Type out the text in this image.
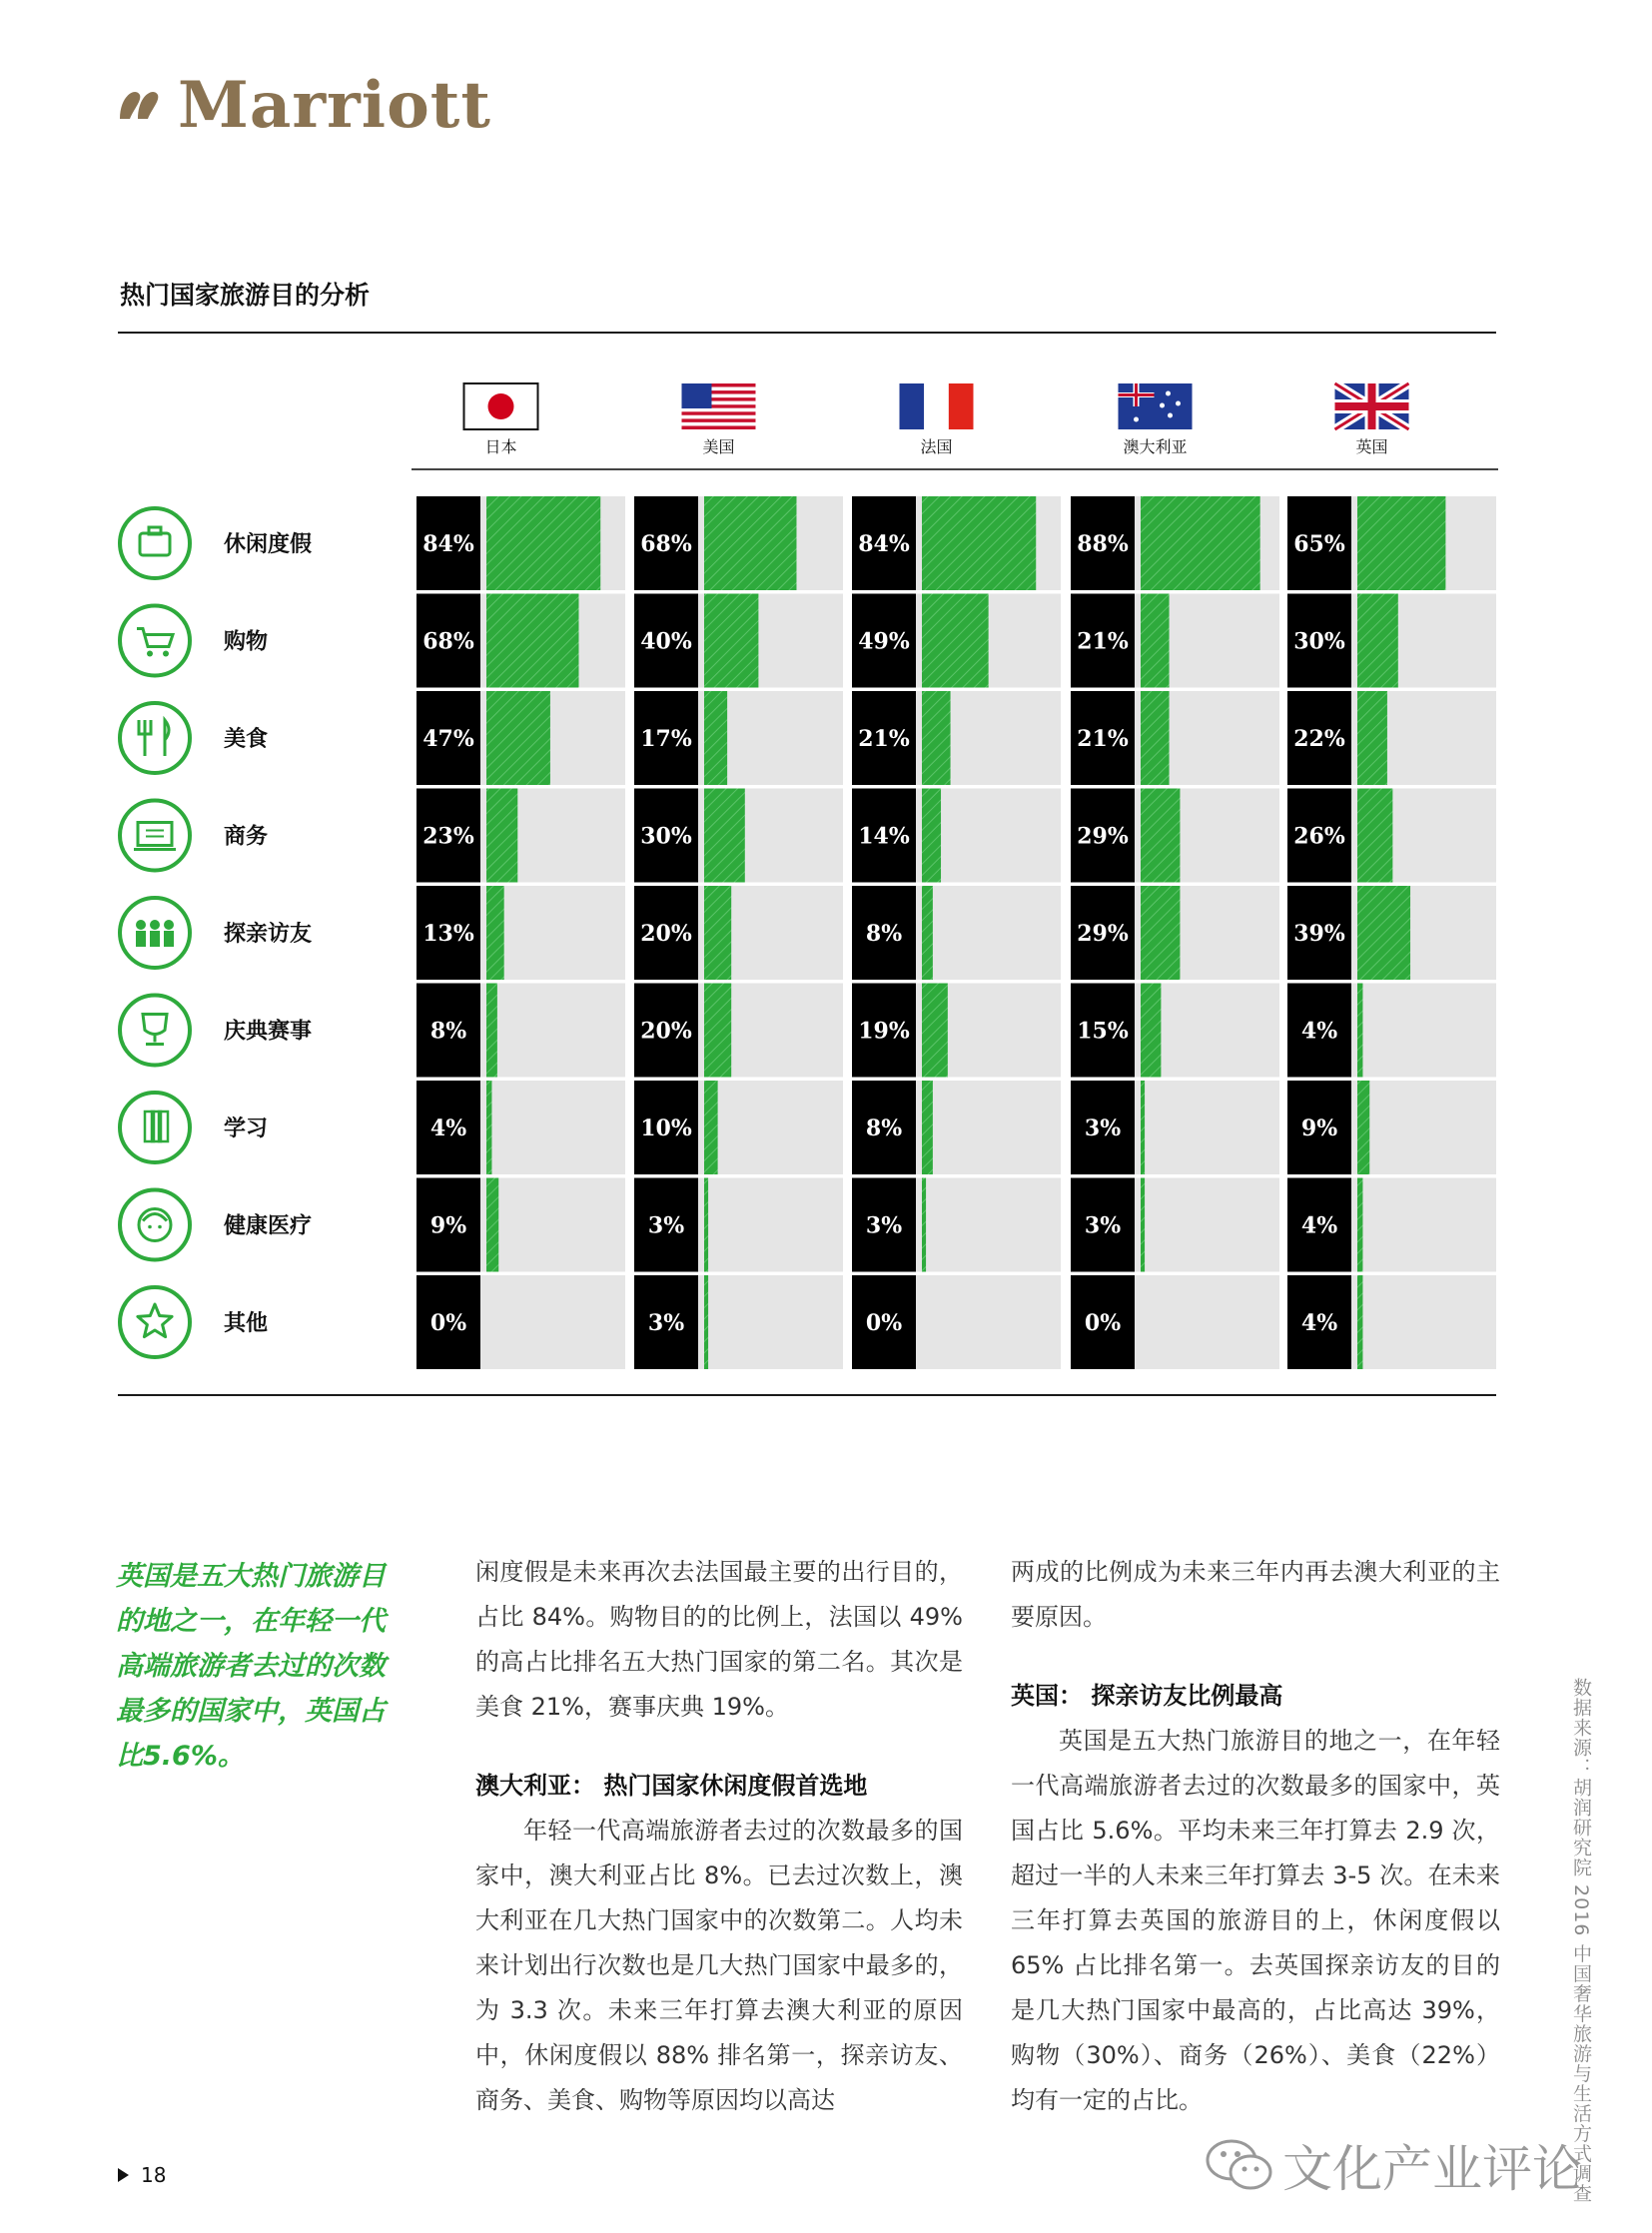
Marriott
热门国家旅游目的分析
日本	美国	法国	澳大利亚	英国
休闲度假	84%	68%	84%	88%	65%
购物	68%	40%	49%	21%	30%
美食	47%	17%	21%	21%	22%
商务	23%	30%	14%	29%	26%
探亲访友	13%	20%	8%	29%	39%
庆典赛事	8%	20%	19%	15%	4%
学习	4%	10%	8%	3%	9%
健康医疗	9%	3%	3%	3%	4%
其他	0%	3%	0%	0%	4%
英国是五大热门旅游目的地之一，在年轻一代高端旅游者去过的次数最多的国家中，英国占比5.6%。

闲度假是未来再次去法国最主要的出行目的，占比 84%。购物目的的比例上，法国以 49% 的高占比排名五大热门国家的第二名。其次是美食 21%，赛事庆典 19%。

澳大利亚： 热门国家休闲度假首选地

年轻一代高端旅游者去过的次数最多的国家中，澳大利亚占比 8%。已去过次数上，澳大利亚在几大热门国家中的次数第二。人均未来计划出行次数也是几大热门国家中最多的，为 3.3 次。未来三年打算去澳大利亚的原因中，休闲度假以 88% 排名第一，探亲访友、商务、美食、购物等原因均以高达

两成的比例成为未来三年内再去澳大利亚的主要原因。

英国： 探亲访友比例最高

英国是五大热门旅游目的地之一，在年轻一代高端旅游者去过的次数最多的国家中，英国占比 5.6%。平均未来三年打算去 2.9 次，超过一半的人未来三年打算去 3-5 次。在未来三年打算去英国的旅游目的上，休闲度假以 65% 占比排名第一。去英国探亲访友的目的是几大热门国家中最高的，占比高达 39%，购物（30%）、商务（26%）、美食（22%）均有一定的占比。	数据来源：胡润研究院 2016 中国奢华旅游与生活方式调查
18	文化产业评论
